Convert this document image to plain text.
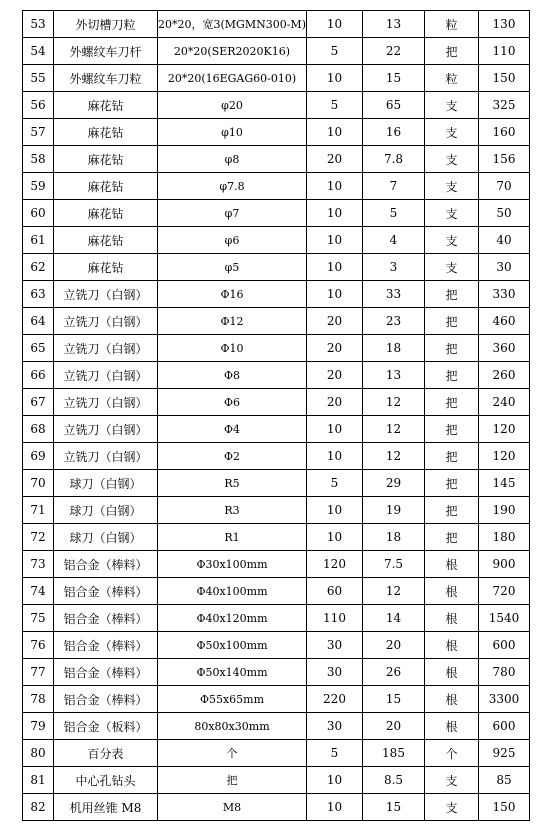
53	外切槽刀粒	20*20，宽3(MGMN300-M)	10	13	粒	130
54	外螺纹车刀杆	20*20(SER2020K16)	5	22	把	110
55	外螺纹车刀粒	20*20(16EGAG60-010)	10	15	粒	150
56	麻花钻	φ20	5	65	支	325
57	麻花钻	φ10	10	16	支	160
58	麻花钻	φ8	20	7.8	支	156
59	麻花钻	φ7.8	10	7	支	70
60	麻花钻	φ7	10	5	支	50
61	麻花钻	φ6	10	4	支	40
62	麻花钻	φ5	10	3	支	30
63	立铣刀（白钢）	Φ16	10	33	把	330
64	立铣刀（白钢）	Φ12	20	23	把	460
65	立铣刀（白钢）	Φ10	20	18	把	360
66	立铣刀（白钢）	Φ8	20	13	把	260
67	立铣刀（白钢）	Φ6	20	12	把	240
68	立铣刀（白钢）	Φ4	10	12	把	120
69	立铣刀（白钢）	Φ2	10	12	把	120
70	球刀（白钢）	R5	5	29	把	145
71	球刀（白钢）	R3	10	19	把	190
72	球刀（白钢）	R1	10	18	把	180
73	铝合金（棒料）	Φ30x100mm	120	7.5	根	900
74	铝合金（棒料）	Φ40x100mm	60	12	根	720
75	铝合金（棒料）	Φ40x120mm	110	14	根	1540
76	铝合金（棒料）	Φ50x100mm	30	20	根	600
77	铝合金（棒料）	Φ50x140mm	30	26	根	780
78	铝合金（棒料）	Φ55x65mm	220	15	根	3300
79	铝合金（板料）	80x80x30mm	30	20	根	600
80	百分表	个	5	185	个	925
81	中心孔钻头	把	10	8.5	支	85
82	机用丝锥 M8	M8	10	15	支	150
